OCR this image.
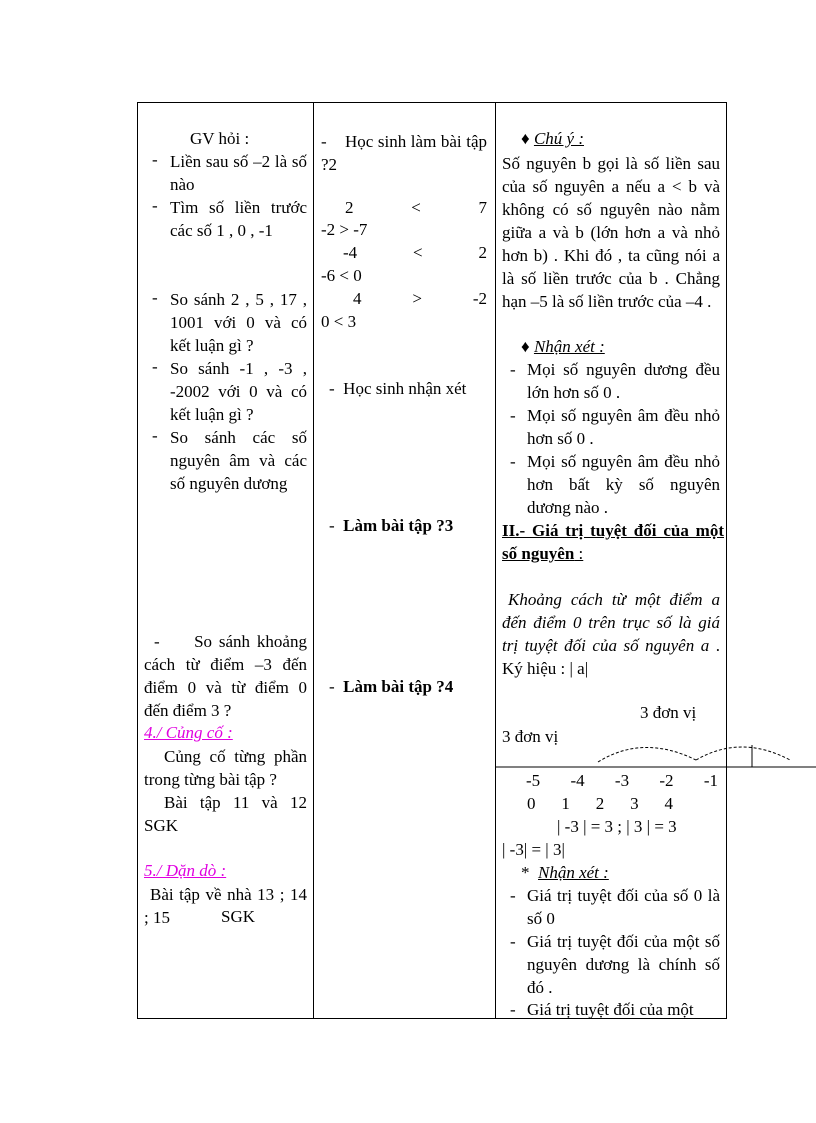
GV hỏi :
- Liền sau số –2 là số nào
- Tìm số liền trước các số 1 , 0 , -1
- So sánh 2 , 5 , 17 , 1001 với 0 và có kết luận gì ?
- So sánh -1 , -3 , -2002 với 0 và có kết luận gì ?
- So sánh các số nguyên âm và các số nguyên dương
-     So sánh khoảng cách từ điểm –3 đến điểm 0 và từ điểm 0 đến điểm 3 ?
4./ Củng cố :
Củng cố từng phần trong từng bài tập ?
Bài tập 11 và 12 SGK
5./ Dặn dò :
Bài tập về nhà 13 ; 14 ; 15	SGK
-    Học sinh làm bài tập ?2
2	<	7
-2 > -7
-4	<	2
-6 < 0
4	>	-2
0 < 3
-  Học sinh nhận xét
-  Làm bài tập ?3
-  Làm bài tập ?4
♦ Chú ý :
Số nguyên b gọi là số liền sau của số nguyên a nếu a < b và không có số nguyên nào nằm giữa a và b (lớn hơn a và nhỏ hơn b) . Khi đó , ta cũng nói a là số liền trước của b . Chẳng hạn –5 là số liền trước của –4 .
♦ Nhận xét :
- Mọi số nguyên dương đều lớn hơn số 0 .
- Mọi số nguyên âm đều nhỏ hơn số 0 .
- Mọi số nguyên âm đều nhỏ hơn bất kỳ số nguyên dương nào .
II.- Giá trị tuyệt đối của một số nguyên :
Khoảng cách từ một điểm a đến điểm 0 trên trục số là giá trị tuyệt đối của số nguyên a . Ký hiệu : | a|
3 đơn vị
3 đơn vị
-5 -4 -3 -2 -1
0 1 2 3 4
| -3 | = 3 ; | 3 | = 3
| -3| = | 3|
*  Nhận xét :
- Giá trị tuyệt đối của số 0 là số 0
- Giá trị tuyệt đối của một số nguyên dương là chính số đó .
- Giá trị tuyệt đối của một
